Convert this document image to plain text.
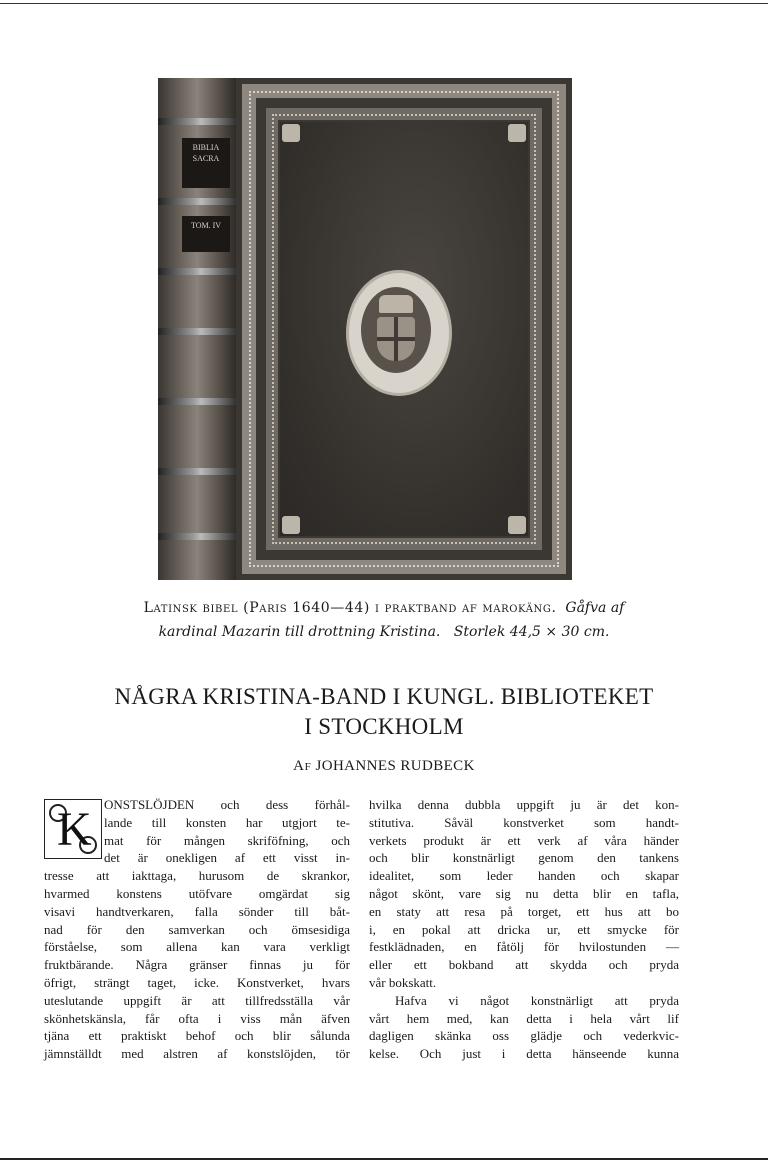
BIBLIA SACRA
TOM. IV
Latinsk bibel (Paris 1640—44) i praktband af marokäng. Gåfva af
kardinal Mazarin till drottning Kristina. Storlek 44,5 × 30 cm.
NÅGRA KRISTINA-BAND I KUNGL. BIBLIOTEKET
I STOCKHOLM
Af JOHANNES RUDBECK
K ONSTSLÖJDEN och dess förhål-
lande till konsten har utgjort te-
mat för mången skriföfning, och
det är onekligen af ett visst in-
tresse att iakttaga, hurusom de skrankor,
hvarmed konstens utöfvare omgärdat sig
visavi handtverkaren, falla sönder till båt-
nad för den samverkan och ömsesidiga
förståelse, som allena kan vara verkligt
fruktbärande. Några gränser finnas ju för
öfrigt, strängt taget, icke. Konstverket, hvars
uteslutande uppgift är att tillfredsställa vår
skönhetskänsla, får ofta i viss mån äfven
tjäna ett praktiskt behof och blir sålunda
jämnställdt med alstren af konstslöjden, tör
hvilka denna dubbla uppgift ju är det kon-
stitutiva. Såväl konstverket som handt-
verkets produkt är ett verk af våra händer
och blir konstnärligt genom den tankens
idealitet, som leder handen och skapar
något skönt, vare sig nu detta blir en tafla,
en staty att resa på torget, ett hus att bo
i, en pokal att dricka ur, ett smycke för
festklädnaden, en fåtölj för hvilostunden —
eller ett bokband att skydda och pryda
vår bokskatt.
Hafva vi något konstnärligt att pryda
vårt hem med, kan detta i hela vårt lif
dagligen skänka oss glädje och vederkvic-
kelse. Och just i detta hänseende kunna
